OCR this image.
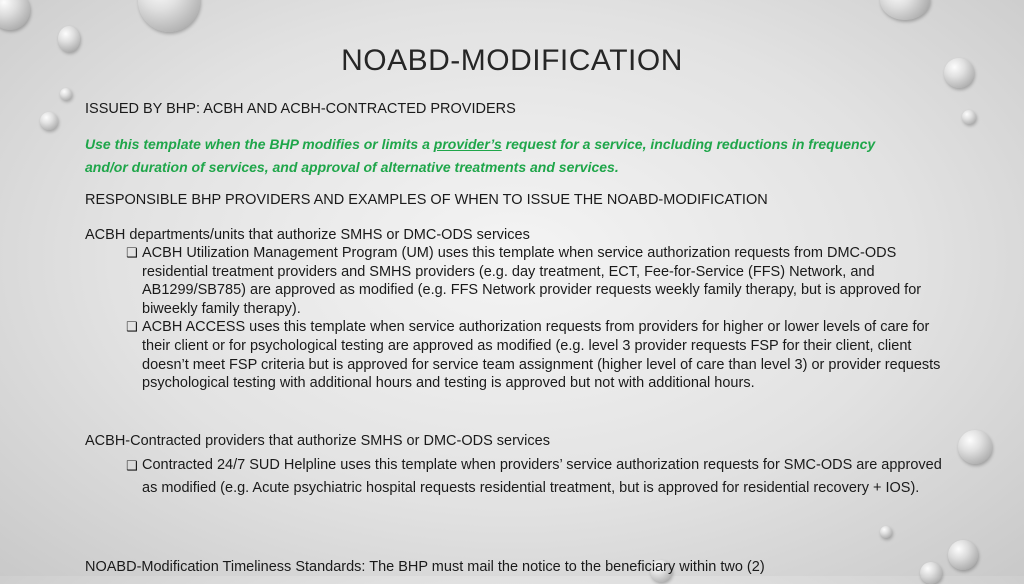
NOABD-MODIFICATION
ISSUED BY BHP: ACBH AND ACBH-CONTRACTED PROVIDERS
Use this template when the BHP modifies or limits a provider’s request for a service, including reductions in frequency
and/or duration of services, and approval of alternative treatments and services.
RESPONSIBLE BHP PROVIDERS AND EXAMPLES OF WHEN TO ISSUE THE NOABD-MODIFICATION
ACBH departments/units that authorize SMHS or DMC-ODS services
❑ ACBH Utilization Management Program (UM) uses this template when service authorization requests from DMC-ODS residential treatment providers and SMHS providers (e.g. day treatment, ECT, Fee-for-Service (FFS) Network, and AB1299/SB785) are approved as modified (e.g. FFS Network provider requests weekly family therapy, but is approved for biweekly family therapy).
❑ ACBH ACCESS uses this template when service authorization requests from providers for higher or lower levels of care for their client or for psychological testing are approved as modified (e.g. level 3 provider requests FSP for their client, client doesn’t meet FSP criteria but is approved for service team assignment (higher level of care than level 3) or provider requests psychological testing with additional hours and testing is approved but not with additional hours.
ACBH-Contracted providers that authorize SMHS or DMC-ODS services
❑ Contracted 24/7 SUD Helpline uses this template when providers’ service authorization requests for SMC-ODS are approved as modified (e.g. Acute psychiatric hospital requests residential treatment, but is approved for residential recovery + IOS).
NOABD-Modification Timeliness Standards: The BHP must mail the notice to the beneficiary within two (2)
